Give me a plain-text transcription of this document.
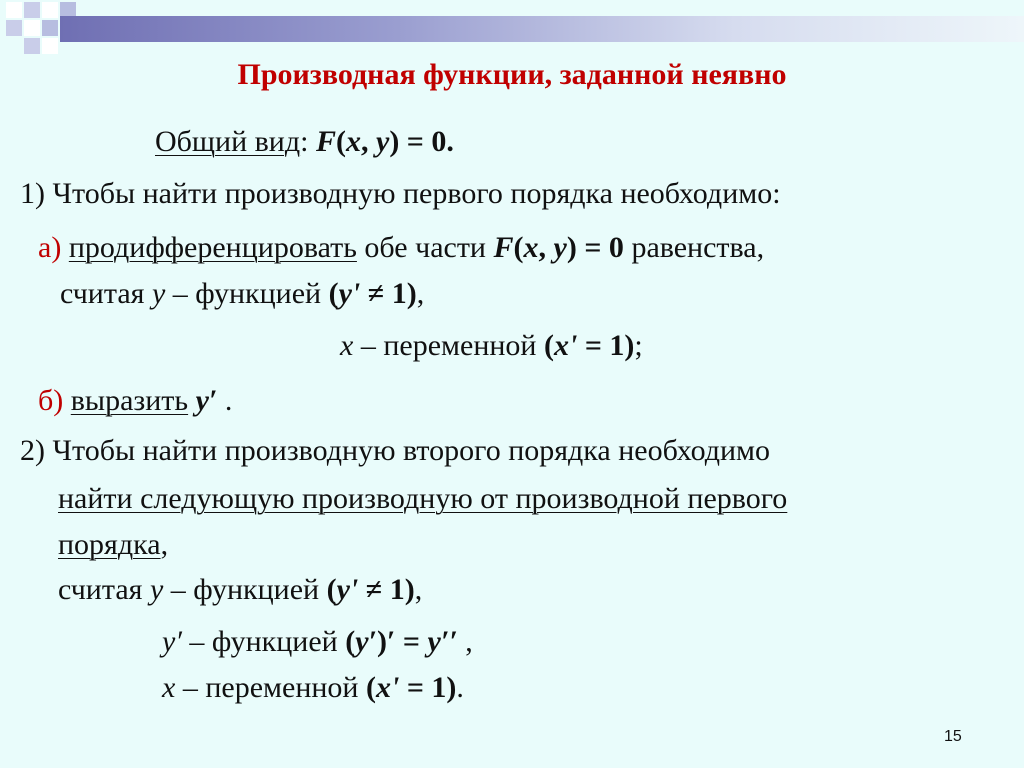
Производная функции, заданной неявно
Общий вид: F(x, y) = 0.
1) Чтобы найти производную первого порядка необходимо:
а) продифференцировать обе части F(x, y) = 0 равенства,
считая y – функцией (y' ≠ 1),
x – переменной (x' = 1);
б) выразить y′ .
2) Чтобы найти производную второго порядка необходимо
найти следующую производную от производной первого
порядка,
считая y – функцией (y' ≠ 1),
y′ – функцией (y′)′ = y′′ ,
x – переменной (x' = 1).
15
